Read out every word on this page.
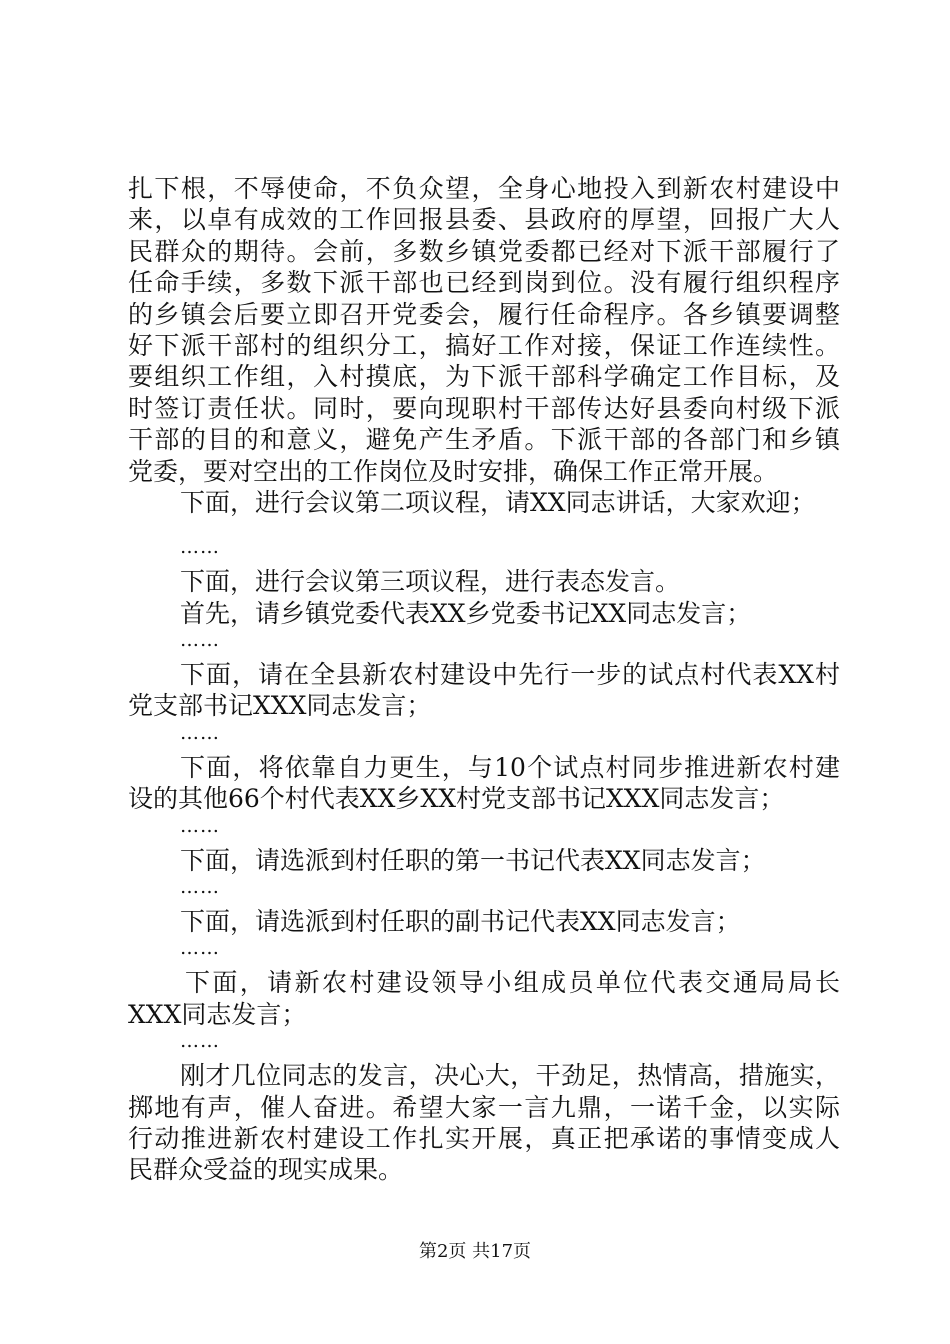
扎下根，不辱使命，不负众望，全身心地投入到新农村建设中
来，以卓有成效的工作回报县委、县政府的厚望，回报广大人
民群众的期待。会前，多数乡镇党委都已经对下派干部履行了
任命手续，多数下派干部也已经到岗到位。没有履行组织程序
的乡镇会后要立即召开党委会，履行任命程序。各乡镇要调整
好下派干部村的组织分工，搞好工作对接，保证工作连续性。
要组织工作组，入村摸底，为下派干部科学确定工作目标，及
时签订责任状。同时，要向现职村干部传达好县委向村级下派
干部的目的和意义，避免产生矛盾。下派干部的各部门和乡镇
党委，要对空出的工作岗位及时安排，确保工作正常开展。
下面，进行会议第二项议程，请XX同志讲话，大家欢迎；
……
下面，进行会议第三项议程，进行表态发言。
首先，请乡镇党委代表XX乡党委书记XX同志发言；
……
下面，请在全县新农村建设中先行一步的试点村代表XX村
党支部书记XXX同志发言；
……
下面，将依靠自力更生，与10个试点村同步推进新农村建
设的其他66个村代表XX乡XX村党支部书记XXX同志发言；
……
下面，请选派到村任职的第一书记代表XX同志发言；
……
下面，请选派到村任职的副书记代表XX同志发言；
……
下面，请新农村建设领导小组成员单位代表交通局局长
XXX同志发言；
……
刚才几位同志的发言，决心大，干劲足，热情高，措施实，
掷地有声，催人奋进。希望大家一言九鼎，一诺千金，以实际
行动推进新农村建设工作扎实开展，真正把承诺的事情变成人
民群众受益的现实成果。
第2页 共17页
